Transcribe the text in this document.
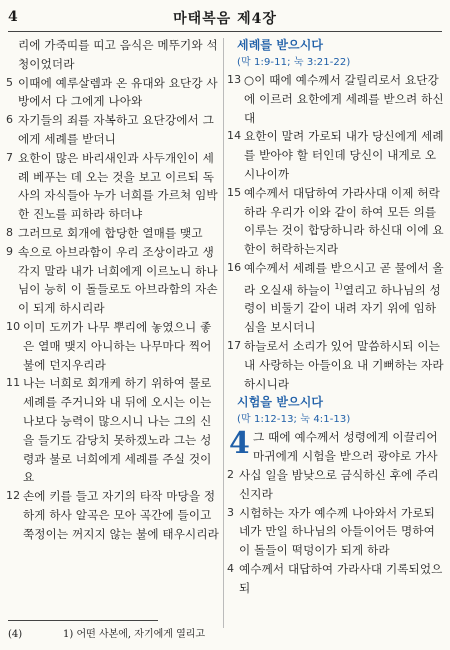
4	마태복음 제4장

리에 가죽띠를 띠고 음식은 메뚜기와 석청이었더라

5 이때에 예루살렘과 온 유대와 요단강 사방에서 다 그에게 나아와

6 자기들의 죄를 자복하고 요단강에서 그에게 세례를 받더니

7 요한이 많은 바리새인과 사두개인이 세례 베푸는 데 오는 것을 보고 이르되 독사의 자식들아 누가 너희를 가르쳐 임박한 진노를 피하라 하더냐

8 그러므로 회개에 합당한 열매를 맺고

9 속으로 아브라함이 우리 조상이라고 생각지 말라 내가 너희에게 이르노니 하나님이 능히 이 돌들로도 아브라함의 자손이 되게 하시리라

10 이미 도끼가 나무 뿌리에 놓였으니 좋은 열매 맺지 아니하는 나무마다 찍어 불에 던지우리라

11 나는 너희로 회개케 하기 위하여 물로 세례를 주거니와 내 뒤에 오시는 이는 나보다 능력이 많으시니 나는 그의 신을 들기도 감당치 못하겠노라 그는 성령과 불로 너희에게 세례를 주실 것이요

12 손에 키를 들고 자기의 타작 마당을 정하게 하사 알곡은 모아 곡간에 들이고 쭉정이는 꺼지지 않는 불에 태우시리라

세례를 받으시다

(막 1:9-11; 눅 3:21-22)

13 ○이 때에 예수께서 갈릴리로서 요단강에 이르러 요한에게 세례를 받으려 하신대

14 요한이 말려 가로되 내가 당신에게 세례를 받아야 할 터인데 당신이 내게로 오시나이까

15 예수께서 대답하여 가라사대 이제 허락하라 우리가 이와 같이 하여 모든 의를 이루는 것이 합당하니라 하신대 이에 요한이 허락하는지라

16 예수께서 세례를 받으시고 곧 물에서 올라 오실새 하늘이 $^{1)}$열리고 하나님의 성령이 비둘기 같이 내려 자기 위에 임하심을 보시더니

17 하늘로서 소리가 있어 말씀하시되 이는 내 사랑하는 아들이요 내 기뻐하는 자라 하시니라

시험을 받으시다

(막 1:12-13; 눅 4:1-13)

4 그 때에 예수께서 성령에게 이끌리어 마귀에게 시험을 받으러 광야로 가사

2 사십 일을 밤낮으로 금식하신 후에 주리신지라

3 시험하는 자가 예수께 나아와서 가로되 네가 만일 하나님의 아들이어든 명하여 이 돌들이 떡덩이가 되게 하라

4 예수께서 대답하여 가라사대 기록되었으되

(4)	1) 어떤 사본에, 자기에게 열리고
